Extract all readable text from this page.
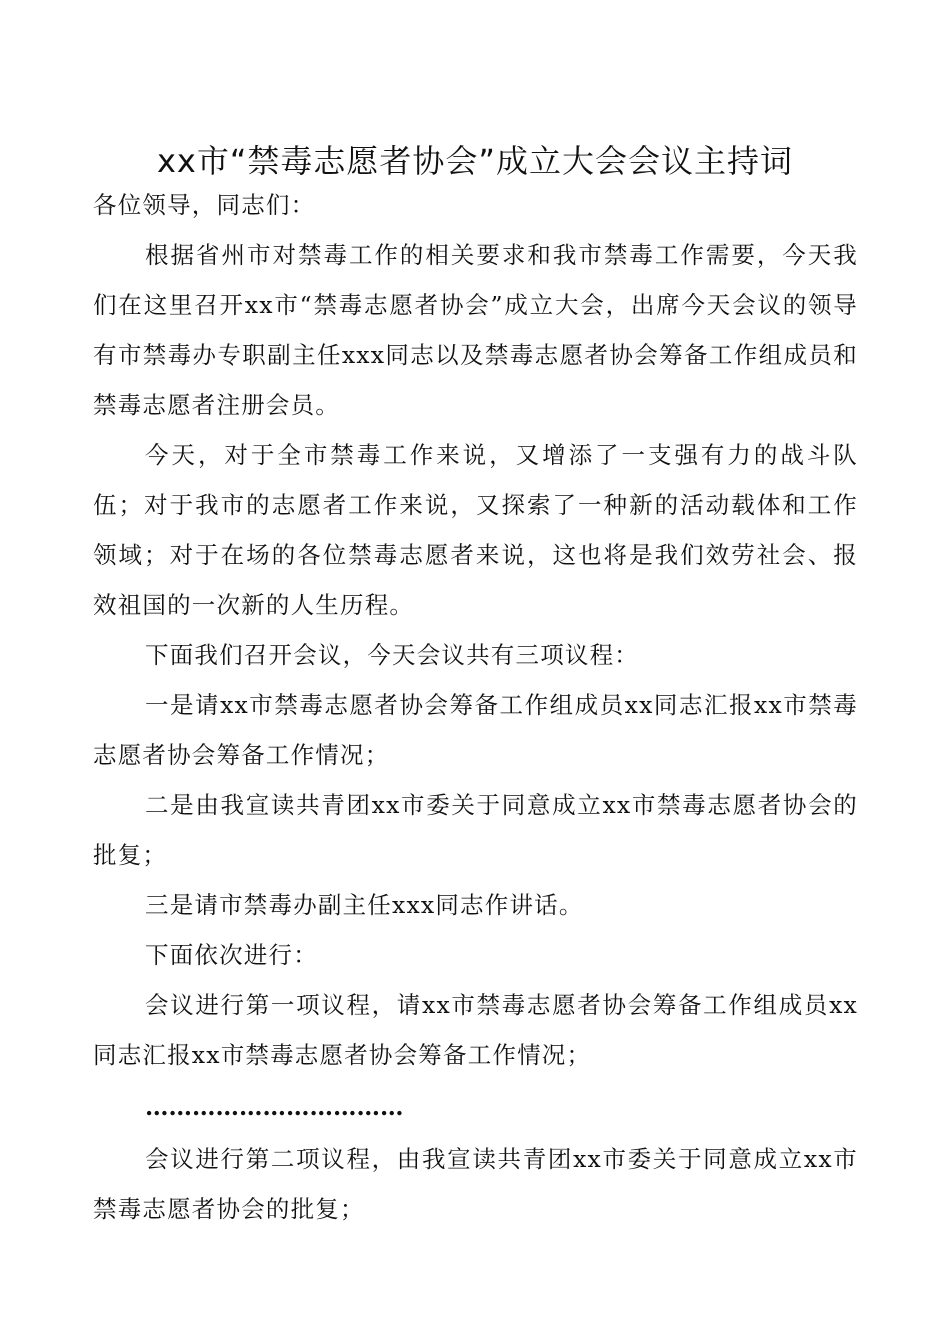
xx市“禁毒志愿者协会”成立大会会议主持词

各位领导，同志们：

根据省州市对禁毒工作的相关要求和我市禁毒工作需要，今天我们在这里召开xx市“禁毒志愿者协会”成立大会，出席今天会议的领导有市禁毒办专职副主任xxx同志以及禁毒志愿者协会筹备工作组成员和禁毒志愿者注册会员。

今天，对于全市禁毒工作来说，又增添了一支强有力的战斗队伍；对于我市的志愿者工作来说，又探索了一种新的活动载体和工作领域；对于在场的各位禁毒志愿者来说，这也将是我们效劳社会、报效祖国的一次新的人生历程。

下面我们召开会议，今天会议共有三项议程：

一是请xx市禁毒志愿者协会筹备工作组成员xx同志汇报xx市禁毒志愿者协会筹备工作情况；

二是由我宣读共青团xx市委关于同意成立xx市禁毒志愿者协会的批复；

三是请市禁毒办副主任xxx同志作讲话。

下面依次进行：

会议进行第一项议程，请xx市禁毒志愿者协会筹备工作组成员xx同志汇报xx市禁毒志愿者协会筹备工作情况；

……………………………

会议进行第二项议程，由我宣读共青团xx市委关于同意成立xx市禁毒志愿者协会的批复；
